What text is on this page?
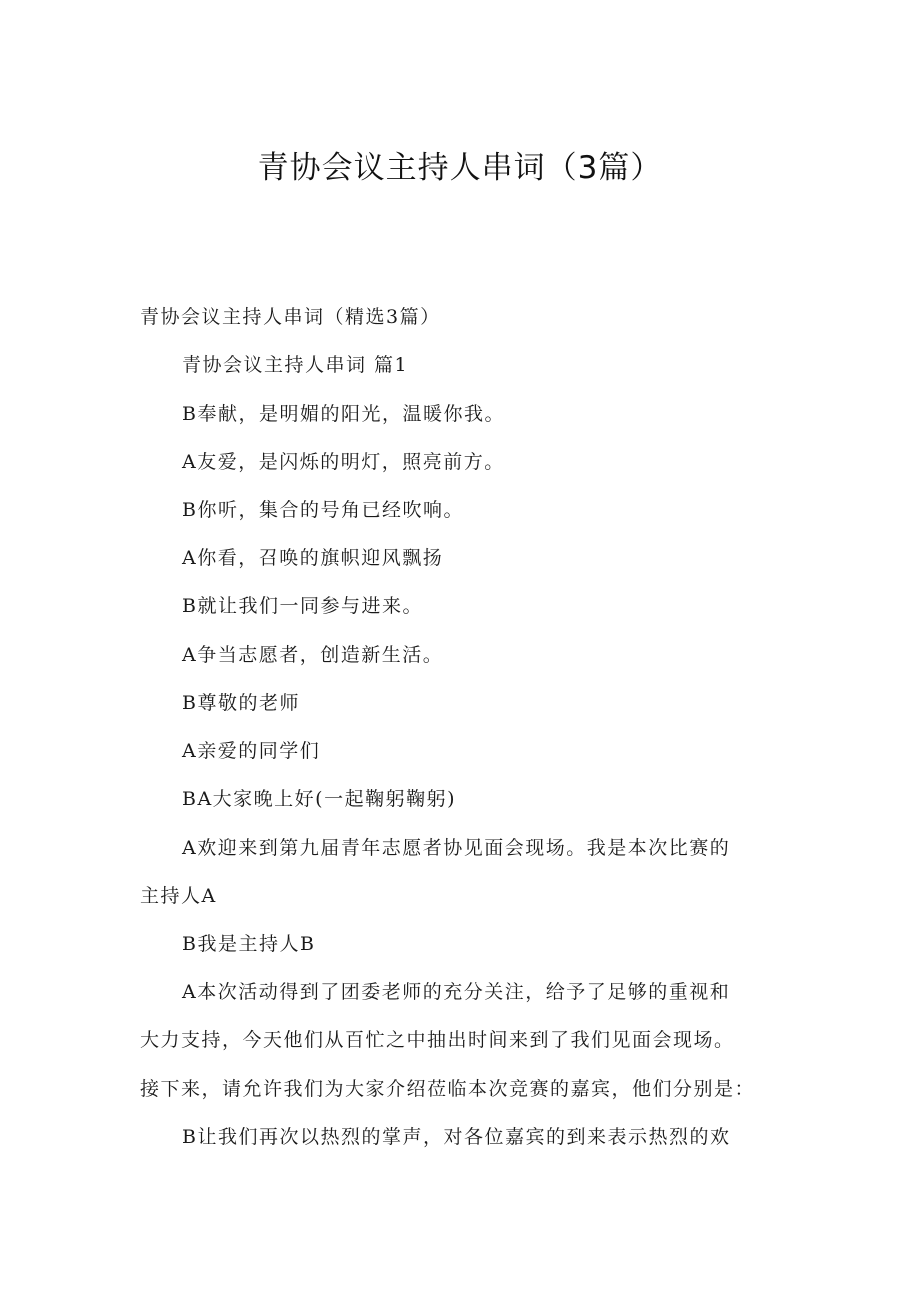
青协会议主持人串词（3篇）

青协会议主持人串词（精选3篇）

青协会议主持人串词 篇1

B奉献，是明媚的阳光，温暖你我。

A友爱，是闪烁的明灯，照亮前方。

B你听，集合的号角已经吹响。

A你看，召唤的旗帜迎风飘扬

B就让我们一同参与进来。

A争当志愿者，创造新生活。

B尊敬的老师

A亲爱的同学们

BA大家晚上好(一起鞠躬鞠躬)

A欢迎来到第九届青年志愿者协见面会现场。我是本次比赛的

主持人A

B我是主持人B

A本次活动得到了团委老师的充分关注，给予了足够的重视和

大力支持，今天他们从百忙之中抽出时间来到了我们见面会现场。

接下来，请允许我们为大家介绍莅临本次竞赛的嘉宾，他们分别是：

B让我们再次以热烈的掌声，对各位嘉宾的到来表示热烈的欢
